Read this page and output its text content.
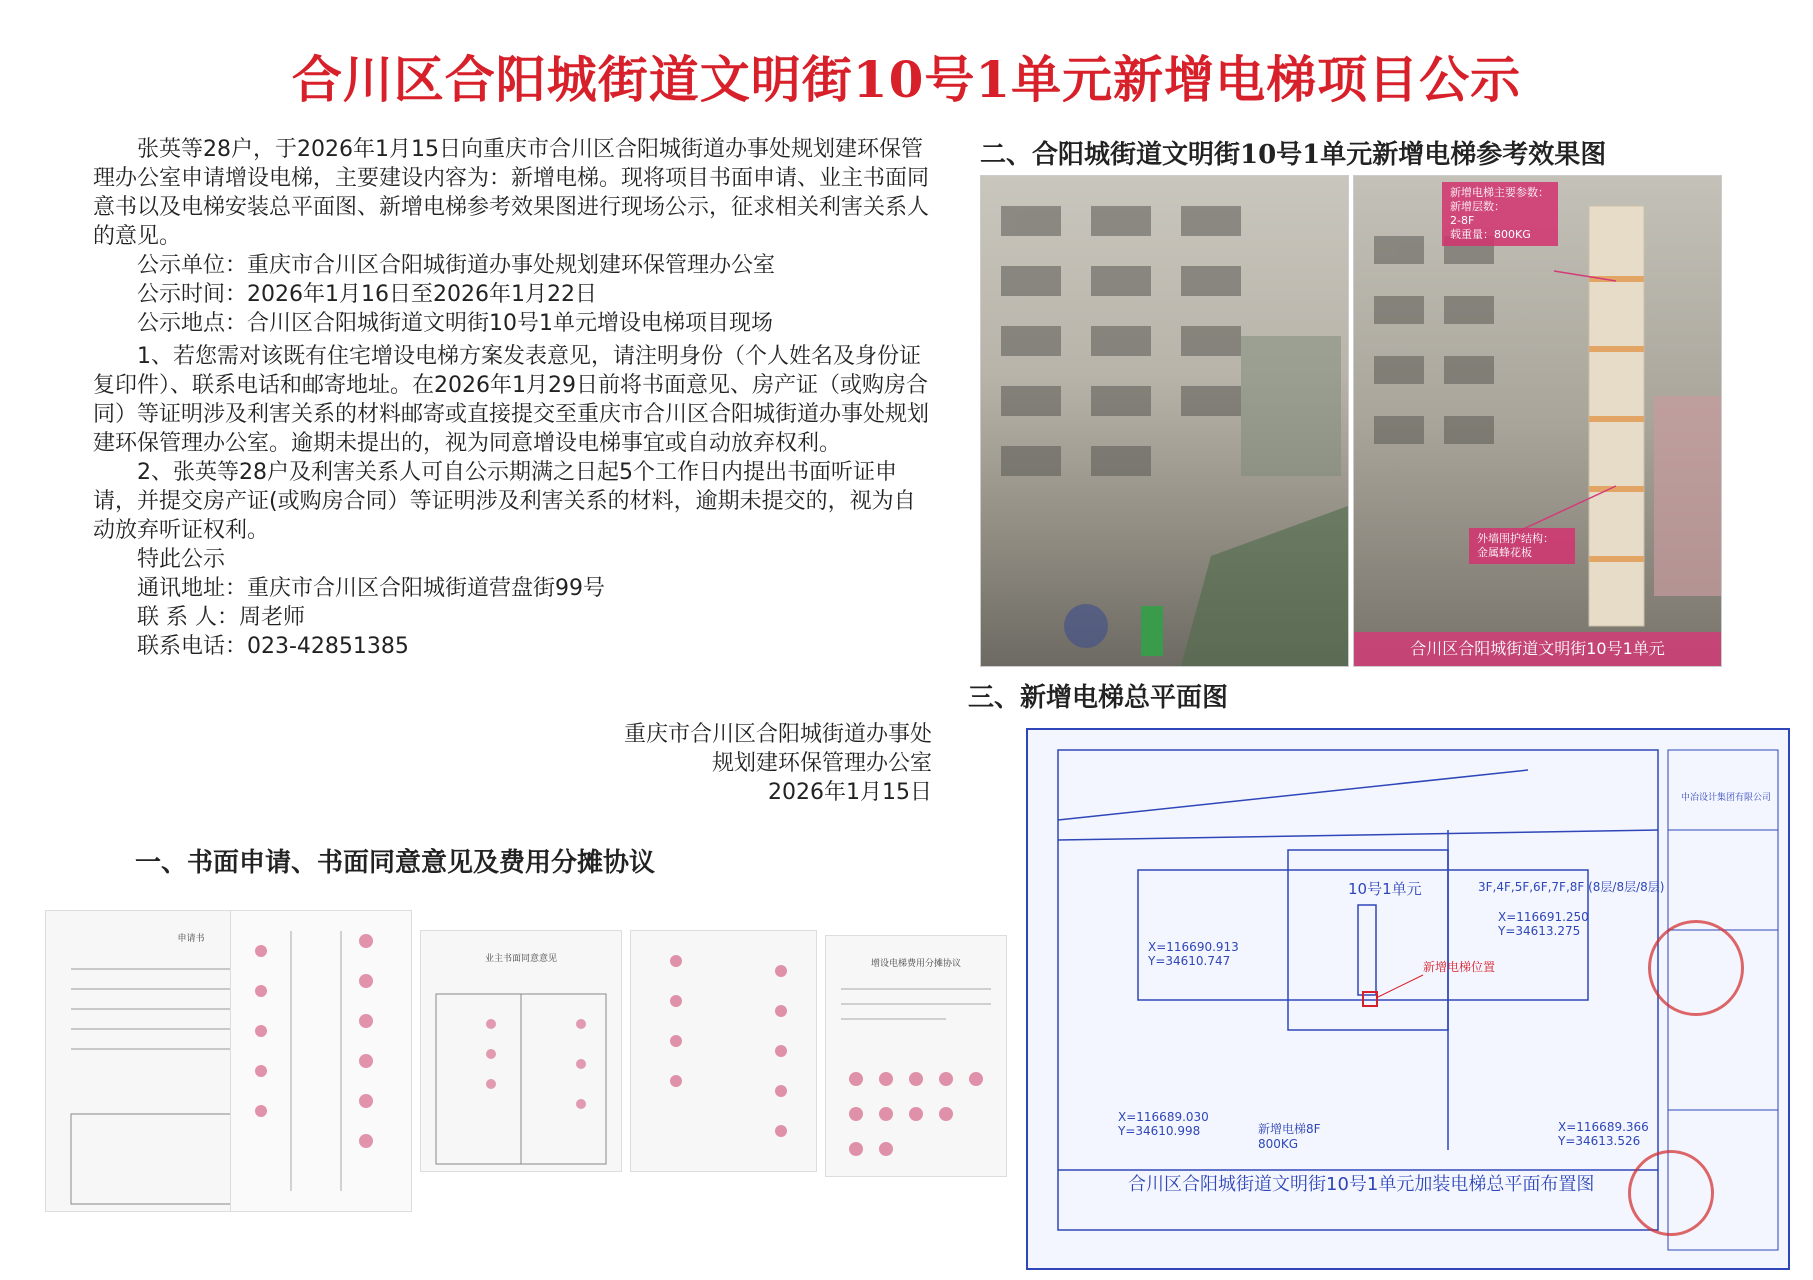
合川区合阳城街道文明街10号1单元新增电梯项目公示

张英等28户，于2026年1月15日向重庆市合川区合阳城街道办事处规划建环保管理办公室申请增设电梯，主要建设内容为：新增电梯。现将项目书面申请、业主书面同意书以及电梯安装总平面图、新增电梯参考效果图进行现场公示，征求相关利害关系人的意见。

公示单位：重庆市合川区合阳城街道办事处规划建环保管理办公室

公示时间：2026年1月16日至2026年1月22日

公示地点：合川区合阳城街道文明街10号1单元增设电梯项目现场

1、若您需对该既有住宅增设电梯方案发表意见，请注明身份（个人姓名及身份证复印件）、联系电话和邮寄地址。在2026年1月29日前将书面意见、房产证（或购房合同）等证明涉及利害关系的材料邮寄或直接提交至重庆市合川区合阳城街道办事处规划建环保管理办公室。逾期未提出的，视为同意增设电梯事宜或自动放弃权利。

2、张英等28户及利害关系人可自公示期满之日起5个工作日内提出书面听证申请，并提交房产证(或购房合同）等证明涉及利害关系的材料，逾期未提交的，视为自动放弃听证权利。

特此公示

通讯地址：重庆市合川区合阳城街道营盘街99号

联 系 人：周老师

联系电话：023-42851385

重庆市合川区合阳城街道办事处
规划建环保管理办公室
2026年1月15日
一、书面申请、书面同意意见及费用分摊协议
二、合阳城街道文明街10号1单元新增电梯参考效果图
三、新增电梯总平面图
新增电梯主要参数：
新增层数：
2-8F
载重量：800KG
外墙围护结构：
金属蜂花板
合川区合阳城街道文明街10号1单元
申请书
业主书面同意意见	增设电梯费用分摊协议
10号1单元
新增电梯位置
3F,4F,5F,6F,7F,8F (8层/8层/8层)
X=116690.913
Y=34610.747
X=116691.250
Y=34613.275
X=116689.030
Y=34610.998	X=116689.366
Y=34613.526
新增电梯8F
800KG
合川区合阳城街道文明街10号1单元加装电梯总平面布置图
中冶设计集团有限公司
